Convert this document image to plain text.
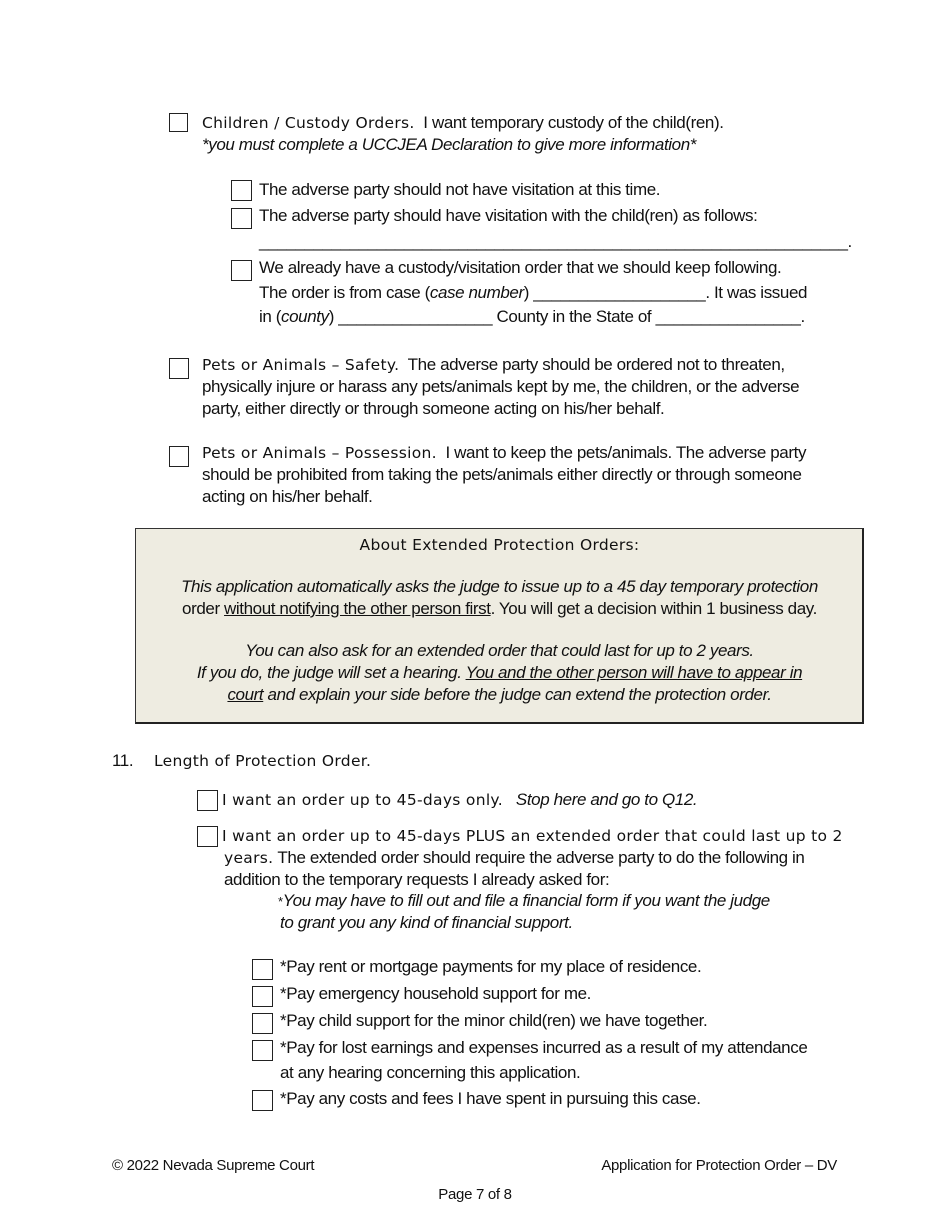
Children / Custody Orders. I want temporary custody of the child(ren).
*you must complete a UCCJEA Declaration to give more information*
The adverse party should not have visitation at this time.
The adverse party should have visitation with the child(ren) as follows:
_________________________________________________________________.
We already have a custody/visitation order that we should keep following.
The order is from case (case number) ___________________. It was issued
in (county) _________________ County in the State of ________________.
Pets or Animals – Safety. The adverse party should be ordered not to threaten,
physically injure or harass any pets/animals kept by me, the children, or the adverse
party, either directly or through someone acting on his/her behalf.
Pets or Animals – Possession. I want to keep the pets/animals. The adverse party
should be prohibited from taking the pets/animals either directly or through someone
acting on his/her behalf.
About Extended Protection Orders:
This application automatically asks the judge to issue up to a 45 day temporary protection
order without notifying the other person first. You will get a decision within 1 business day.
You can also ask for an extended order that could last for up to 2 years.
If you do, the judge will set a hearing. You and the other person will have to appear in
court and explain your side before the judge can extend the protection order.
11. Length of Protection Order.
I want an order up to 45-days only. Stop here and go to Q12.
I want an order up to 45-days PLUS an extended order that could last up to 2
years. The extended order should require the adverse party to do the following in
addition to the temporary requests I already asked for:
*You may have to fill out and file a financial form if you want the judge
to grant you any kind of financial support.
*Pay rent or mortgage payments for my place of residence.
*Pay emergency household support for me.
*Pay child support for the minor child(ren) we have together.
*Pay for lost earnings and expenses incurred as a result of my attendance
at any hearing concerning this application.
*Pay any costs and fees I have spent in pursuing this case.
© 2022 Nevada Supreme Court	Application for Protection Order – DV
Page 7 of 8
